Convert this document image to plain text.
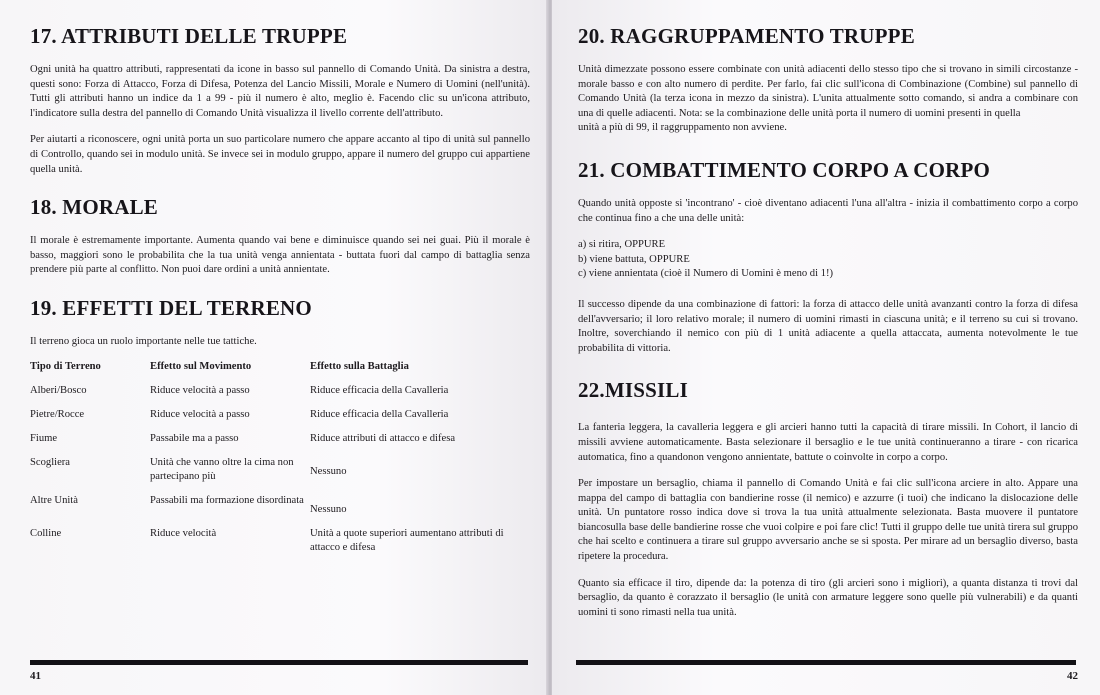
17. ATTRIBUTI DELLE TRUPPE

Ogni unità ha quattro attributi, rappresentati da icone in basso sul pannello di Comando Unità. Da sinistra a destra, questi sono: Forza di Attacco, Forza di Difesa, Potenza del Lancio Missili, Morale e Numero di Uomini (nell'unità). Tutti gli attributi hanno un indice da 1 a 99 - più il numero è alto, meglio è. Facendo clic su un'icona attributo, l'indicatore sulla destra del pannello di Comando Unità visualizza il livello corrente dell'attributo.

Per aiutarti a riconoscere, ogni unità porta un suo particolare numero che appare accanto al tipo di unità sul pannello di Controllo, quando sei in modulo unità. Se invece sei in modulo gruppo, appare il numero del gruppo cui appartiene quella unità.

18. MORALE

Il morale è estremamente importante. Aumenta quando vai bene e diminuisce quando sei nei guai. Più il morale è basso, maggiori sono le probabilita che la tua unità venga annientata - buttata fuori dal campo di battaglia senza prendere più parte al conflitto. Non puoi dare ordini a unità annientate.

19. EFFETTI DEL TERRENO

Il terreno gioca un ruolo importante nelle tue tattiche.

Tipo di Terreno	Effetto sul Movimento	Effetto sulla Battaglia
Alberi/Bosco	Riduce velocità a passo	Riduce efficacia della Cavalleria
Pietre/Rocce	Riduce velocità a passo	Riduce efficacia della Cavalleria
Fiume	Passabile ma a passo	Riduce attributi di attacco e difesa
Scogliera	Unità che vanno oltre la cima non partecipano più	Nessuno
Altre Unità	Passabili ma formazione disordinata	Nessuno
Colline	Riduce velocità	Unità a quote superiori aumentano attributi di attacco e difesa
41
20. RAGGRUPPAMENTO TRUPPE

Unità dimezzate possono essere combinate con unità adiacenti dello stesso tipo che si trovano in simili circostanze - morale basso e con alto numero di perdite. Per farlo, fai clic sull'icona di Combinazione (Combine) sul pannello di Comando Unità (la terza icona in mezzo da sinistra). L'unita attualmente sotto comando, si andra a combinare con una di quelle adiacenti. Nota: se la combinazione delle unità porta il numero di uomini presenti in quella

unità a più di 99, il raggruppamento non avviene.

21. COMBATTIMENTO CORPO A CORPO

Quando unità opposte si 'incontrano' - cioè diventano adiacenti l'una all'altra - inizia il combattimento corpo a corpo che continua fino a che una delle unità:

a) si ritira, OPPURE

b) viene battuta, OPPURE

c) viene annientata (cioè il Numero di Uomini è meno di 1!)

Il successo dipende da una combinazione di fattori: la forza di attacco delle unità avanzanti contro la forza di difesa dell'avversario; il loro relativo morale; il numero di uomini rimasti in ciascuna unità; e il terreno su cui si trovano. Inoltre, soverchiando il nemico con più di 1 unità adiacente a quella attaccata, aumenta notevolmente le tue probabilita di vittoria.

22.MISSILI

La fanteria leggera, la cavalleria leggera e gli arcieri hanno tutti la capacità di tirare missili. In Cohort, il lancio di missili avviene automaticamente. Basta selezionare il bersaglio e le tue unità continueranno a tirare - con ricarica automatica, fino a quandonon vengono annientate, battute o coinvolte in corpo a corpo.

Per impostare un bersaglio, chiama il pannello di Comando Unità e fai clic sull'icona arciere in alto. Appare una mappa del campo di battaglia con bandierine rosse (il nemico) e azzurre (i tuoi) che indicano la dislocazione delle unità. Un puntatore rosso indica dove si trova la tua unità attualmente selezionata. Basta muovere il puntatore biancosulla base delle bandierine rosse che vuoi colpire e poi fare clic! Tutti il gruppo delle tue unità tirera sul gruppo che hai scelto e continuera a tirare sul gruppo avversario anche se si sposta. Per mirare ad un bersaglio diverso, basta ripetere la procedura.

Quanto sia efficace il tiro, dipende da: la potenza di tiro (gli arcieri sono i migliori), a quanta distanza ti trovi dal bersaglio, da quanto è corazzato il bersaglio (le unità con armature leggere sono quelle più vulnerabili) e da quanti uomini ti sono rimasti nella tua unità.

42
